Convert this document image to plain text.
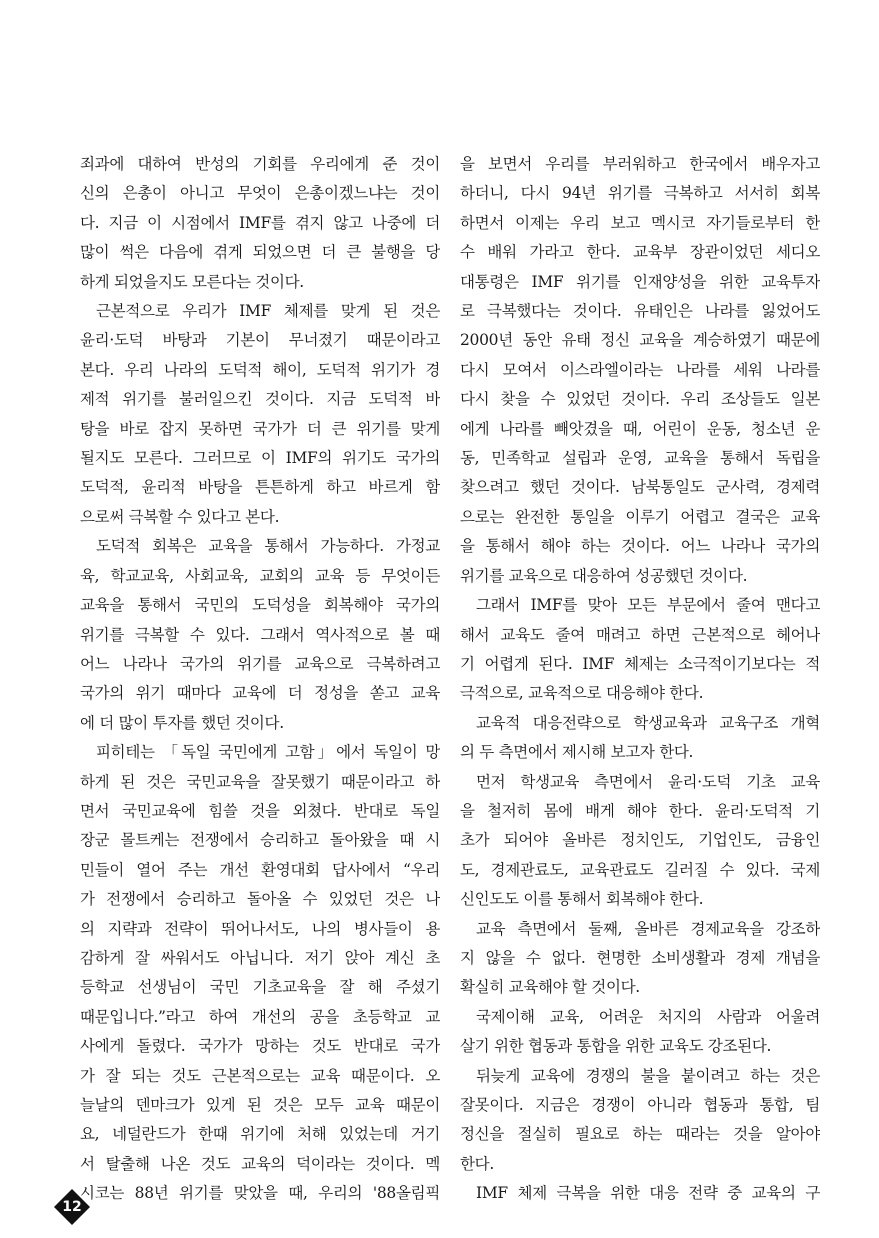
죄과에 대하여 반성의 기회를 우리에게 준 것이
신의 은총이 아니고 무엇이 은총이겠느냐는 것이
다. 지금 이 시점에서 IMF를 겪지 않고 나중에 더
많이 썩은 다음에 겪게 되었으면 더 큰 불행을 당
하게 되었을지도 모른다는 것이다.
근본적으로 우리가 IMF 체제를 맞게 된 것은
윤리·도덕 바탕과 기본이 무너졌기 때문이라고
본다. 우리 나라의 도덕적 해이, 도덕적 위기가 경
제적 위기를 불러일으킨 것이다. 지금 도덕적 바
탕을 바로 잡지 못하면 국가가 더 큰 위기를 맞게
될지도 모른다. 그러므로 이 IMF의 위기도 국가의
도덕적, 윤리적 바탕을 튼튼하게 하고 바르게 함
으로써 극복할 수 있다고 본다.
도덕적 회복은 교육을 통해서 가능하다. 가정교
육, 학교교육, 사회교육, 교회의 교육 등 무엇이든
교육을 통해서 국민의 도덕성을 회복해야 국가의
위기를 극복할 수 있다. 그래서 역사적으로 볼 때
어느 나라나 국가의 위기를 교육으로 극복하려고
국가의 위기 때마다 교육에 더 정성을 쏟고 교육
에 더 많이 투자를 했던 것이다.
피히테는 「독일 국민에게 고함」에서 독일이 망
하게 된 것은 국민교육을 잘못했기 때문이라고 하
면서 국민교육에 힘쓸 것을 외쳤다. 반대로 독일
장군 몰트케는 전쟁에서 승리하고 돌아왔을 때 시
민들이 열어 주는 개선 환영대회 답사에서 “우리
가 전쟁에서 승리하고 돌아올 수 있었던 것은 나
의 지략과 전략이 뛰어나서도, 나의 병사들이 용
감하게 잘 싸워서도 아닙니다. 저기 앉아 계신 초
등학교 선생님이 국민 기초교육을 잘 해 주셨기
때문입니다.”라고 하여 개선의 공을 초등학교 교
사에게 돌렸다. 국가가 망하는 것도 반대로 국가
가 잘 되는 것도 근본적으로는 교육 때문이다. 오
늘날의 덴마크가 있게 된 것은 모두 교육 때문이
요, 네덜란드가 한때 위기에 처해 있었는데 거기
서 탈출해 나온 것도 교육의 덕이라는 것이다. 멕
시코는 88년 위기를 맞았을 때, 우리의 '88올림픽
을 보면서 우리를 부러워하고 한국에서 배우자고
하더니, 다시 94년 위기를 극복하고 서서히 회복
하면서 이제는 우리 보고 멕시코 자기들로부터 한
수 배워 가라고 한다. 교육부 장관이었던 세디오
대통령은 IMF 위기를 인재양성을 위한 교육투자
로 극복했다는 것이다. 유태인은 나라를 잃었어도
2000년 동안 유태 정신 교육을 계승하였기 때문에
다시 모여서 이스라엘이라는 나라를 세워 나라를
다시 찾을 수 있었던 것이다. 우리 조상들도 일본
에게 나라를 빼앗겼을 때, 어린이 운동, 청소년 운
동, 민족학교 설립과 운영, 교육을 통해서 독립을
찾으려고 했던 것이다. 남북통일도 군사력, 경제력
으로는 완전한 통일을 이루기 어렵고 결국은 교육
을 통해서 해야 하는 것이다. 어느 나라나 국가의
위기를 교육으로 대응하여 성공했던 것이다.
그래서 IMF를 맞아 모든 부문에서 줄여 맨다고
해서 교육도 줄여 매려고 하면 근본적으로 헤어나
기 어렵게 된다. IMF 체제는 소극적이기보다는 적
극적으로, 교육적으로 대응해야 한다.
교육적 대응전략으로 학생교육과 교육구조 개혁
의 두 측면에서 제시해 보고자 한다.
먼저 학생교육 측면에서 윤리·도덕 기초 교육
을 철저히 몸에 배게 해야 한다. 윤리·도덕적 기
초가 되어야 올바른 정치인도, 기업인도, 금융인
도, 경제관료도, 교육관료도 길러질 수 있다. 국제
신인도도 이를 통해서 회복해야 한다.
교육 측면에서 둘째, 올바른 경제교육을 강조하
지 않을 수 없다. 현명한 소비생활과 경제 개념을
확실히 교육해야 할 것이다.
국제이해 교육, 어려운 처지의 사람과 어울려
살기 위한 협동과 통합을 위한 교육도 강조된다.
뒤늦게 교육에 경쟁의 불을 붙이려고 하는 것은
잘못이다. 지금은 경쟁이 아니라 협동과 통합, 팀
정신을 절실히 필요로 하는 때라는 것을 알아야
한다.
IMF 체제 극복을 위한 대응 전략 중 교육의 구
12
